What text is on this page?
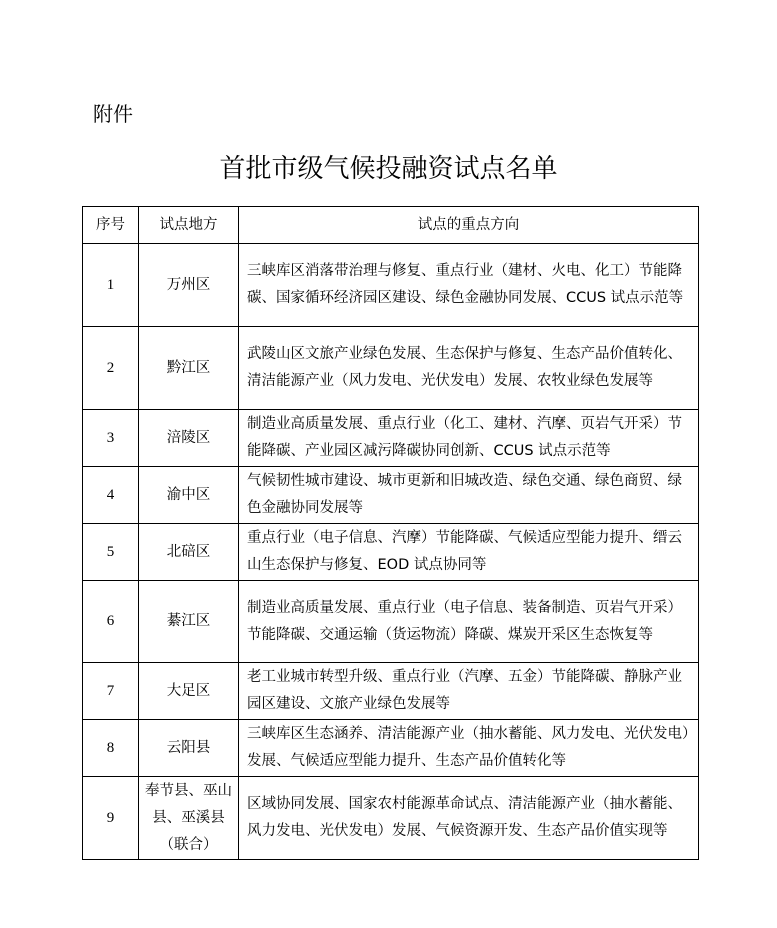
附件
首批市级气候投融资试点名单
序号	试点地方	试点的重点方向
1	万州区	三峡库区消落带治理与修复、重点行业（建材、火电、化工）节能降碳、国家循环经济园区建设、绿色金融协同发展、CCUS 试点示范等
2	黔江区	武陵山区文旅产业绿色发展、生态保护与修复、生态产品价值转化、清洁能源产业（风力发电、光伏发电）发展、农牧业绿色发展等
3	涪陵区	制造业高质量发展、重点行业（化工、建材、汽摩、页岩气开采）节能降碳、产业园区减污降碳协同创新、CCUS 试点示范等
4	渝中区	气候韧性城市建设、城市更新和旧城改造、绿色交通、绿色商贸、绿色金融协同发展等
5	北碚区	重点行业（电子信息、汽摩）节能降碳、气候适应型能力提升、缙云山生态保护与修复、EOD 试点协同等
6	綦江区	制造业高质量发展、重点行业（电子信息、装备制造、页岩气开采）节能降碳、交通运输（货运物流）降碳、煤炭开采区生态恢复等
7	大足区	老工业城市转型升级、重点行业（汽摩、五金）节能降碳、静脉产业园区建设、文旅产业绿色发展等
8	云阳县	三峡库区生态涵养、清洁能源产业（抽水蓄能、风力发电、光伏发电）发展、气候适应型能力提升、生态产品价值转化等
9	奉节县、巫山县、巫溪县（联合）	区域协同发展、国家农村能源革命试点、清洁能源产业（抽水蓄能、风力发电、光伏发电）发展、气候资源开发、生态产品价值实现等
